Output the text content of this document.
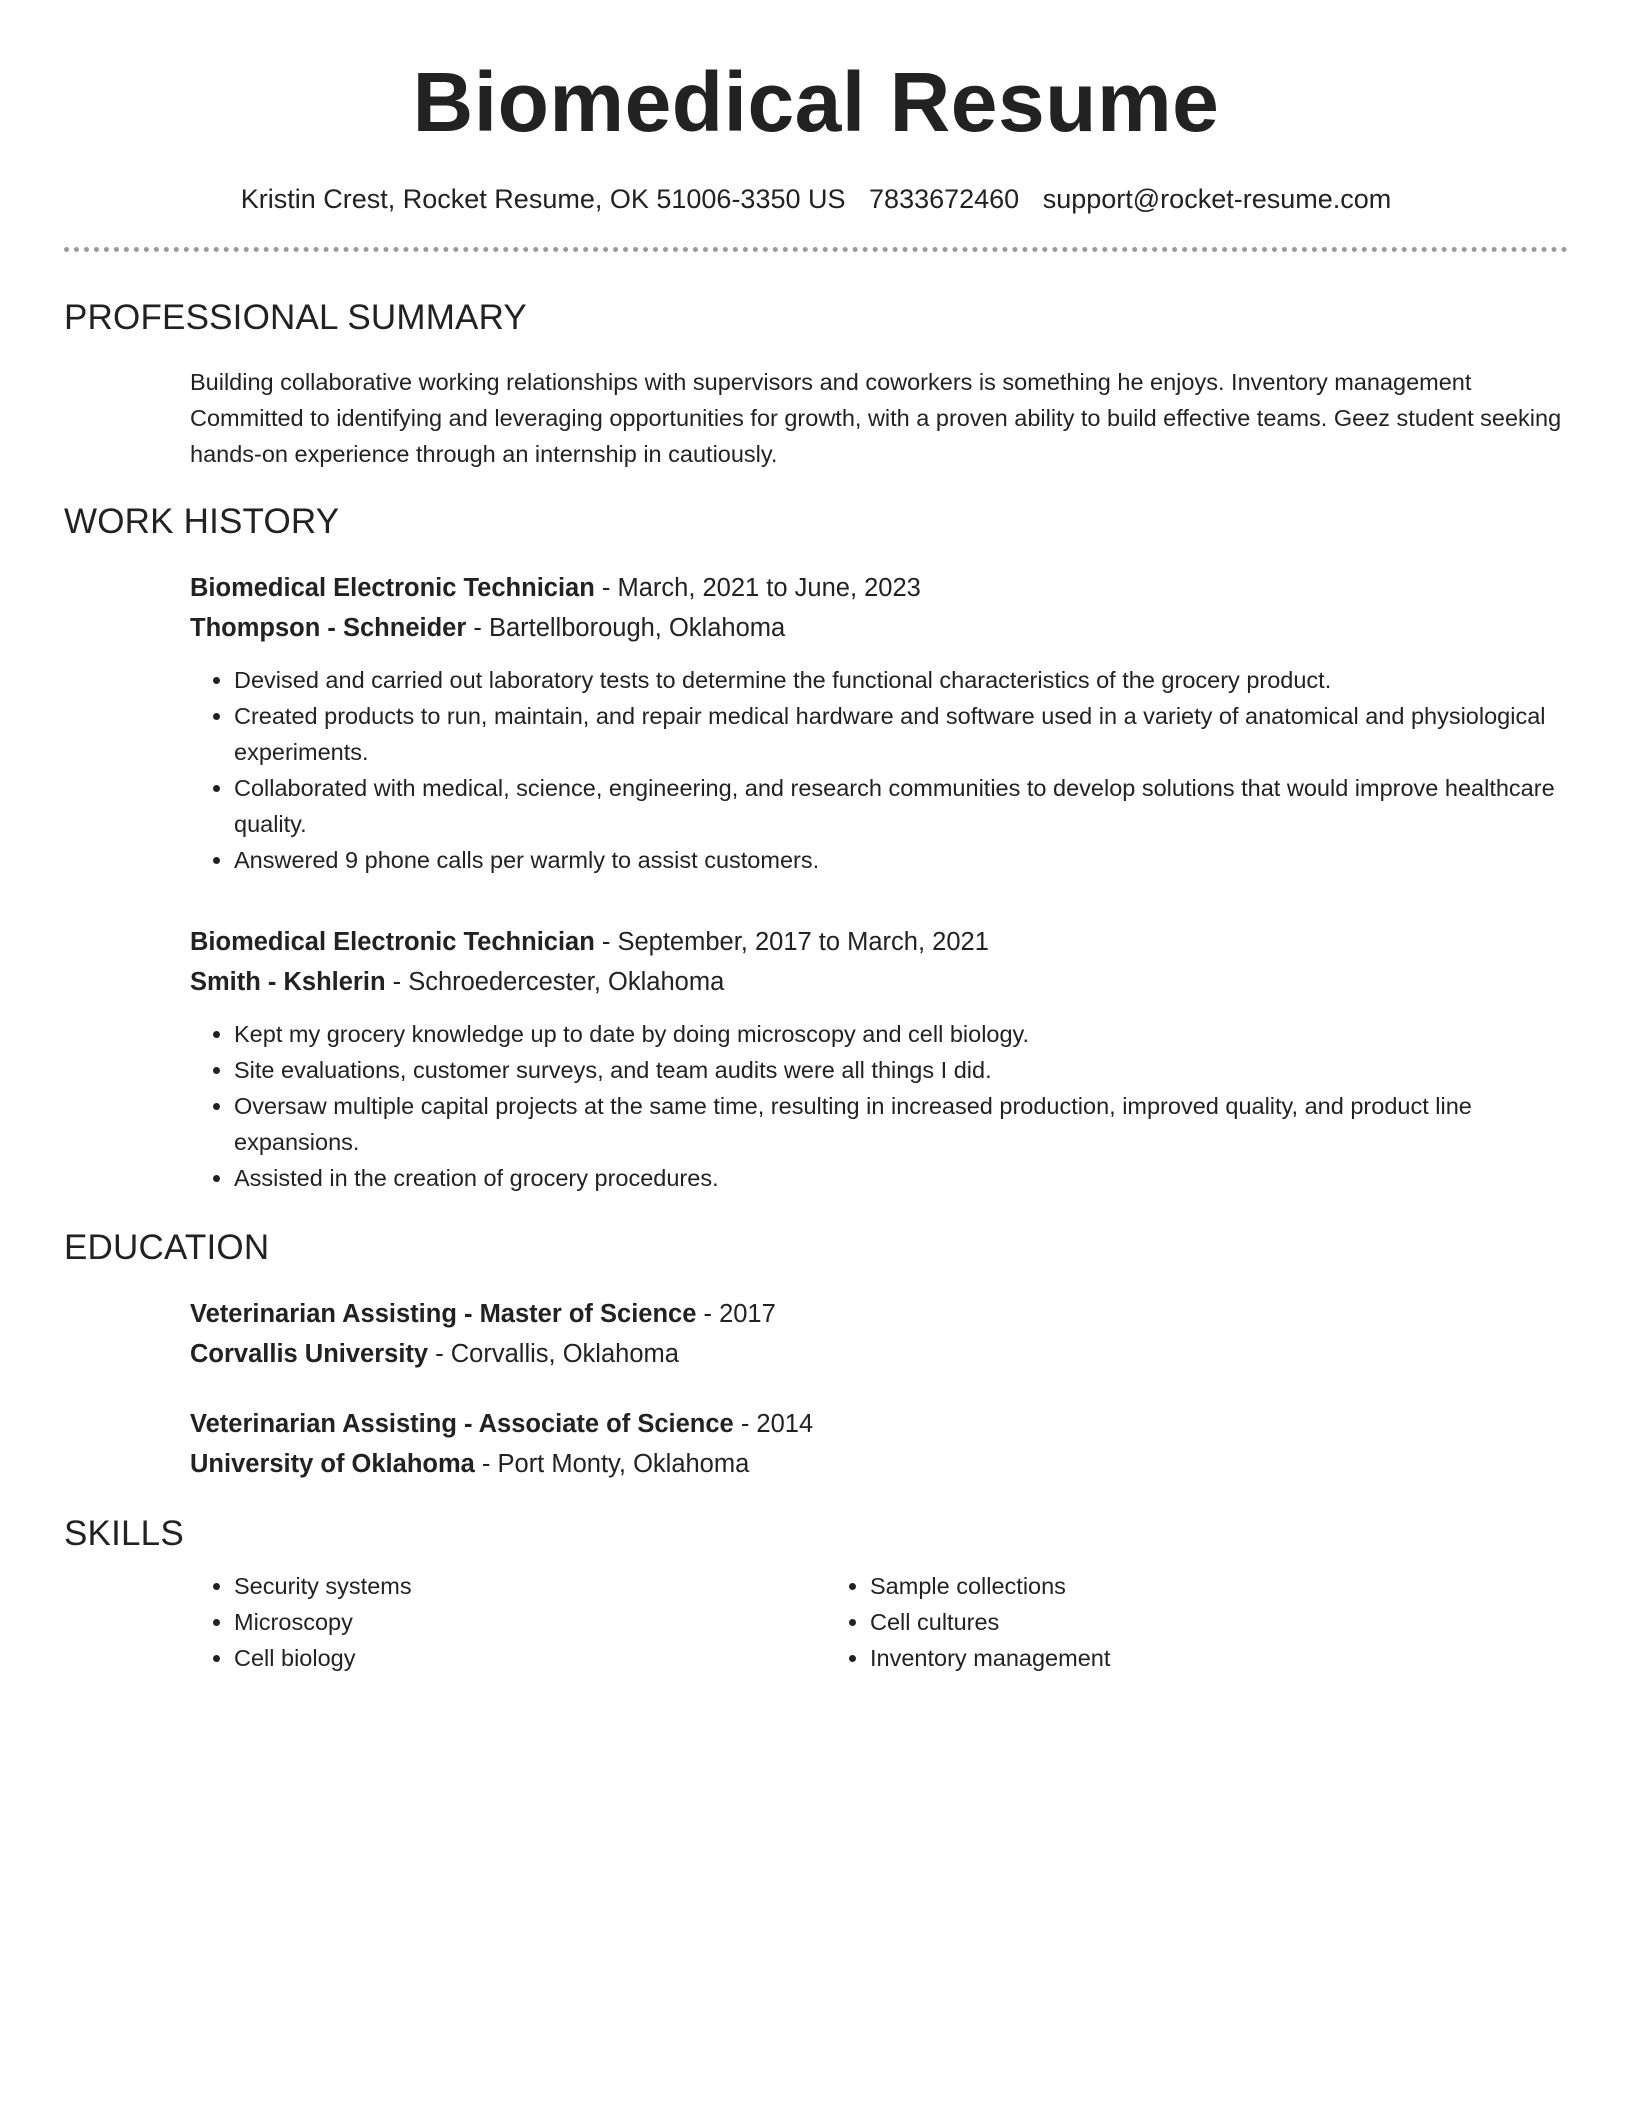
Biomedical Resume
Kristin Crest, Rocket Resume, OK 51006-3350 US 7833672460 support@rocket-resume.com
PROFESSIONAL SUMMARY
Building collaborative working relationships with supervisors and coworkers is something he enjoys. Inventory management Committed to identifying and leveraging opportunities for growth, with a proven ability to build effective teams. Geez student seeking hands-on experience through an internship in cautiously.
WORK HISTORY
Biomedical Electronic Technician - March, 2021 to June, 2023
Thompson - Schneider - Bartellborough, Oklahoma
• Devised and carried out laboratory tests to determine the functional characteristics of the grocery product.
• Created products to run, maintain, and repair medical hardware and software used in a variety of anatomical and physiological experiments.
• Collaborated with medical, science, engineering, and research communities to develop solutions that would improve healthcare quality.
• Answered 9 phone calls per warmly to assist customers.
Biomedical Electronic Technician - September, 2017 to March, 2021
Smith - Kshlerin - Schroedercester, Oklahoma
• Kept my grocery knowledge up to date by doing microscopy and cell biology.
• Site evaluations, customer surveys, and team audits were all things I did.
• Oversaw multiple capital projects at the same time, resulting in increased production, improved quality, and product line expansions.
• Assisted in the creation of grocery procedures.
EDUCATION
Veterinarian Assisting - Master of Science - 2017
Corvallis University - Corvallis, Oklahoma
Veterinarian Assisting - Associate of Science - 2014
University of Oklahoma - Port Monty, Oklahoma
SKILLS
• Security systems
• Microscopy
• Cell biology
• Sample collections
• Cell cultures
• Inventory management
